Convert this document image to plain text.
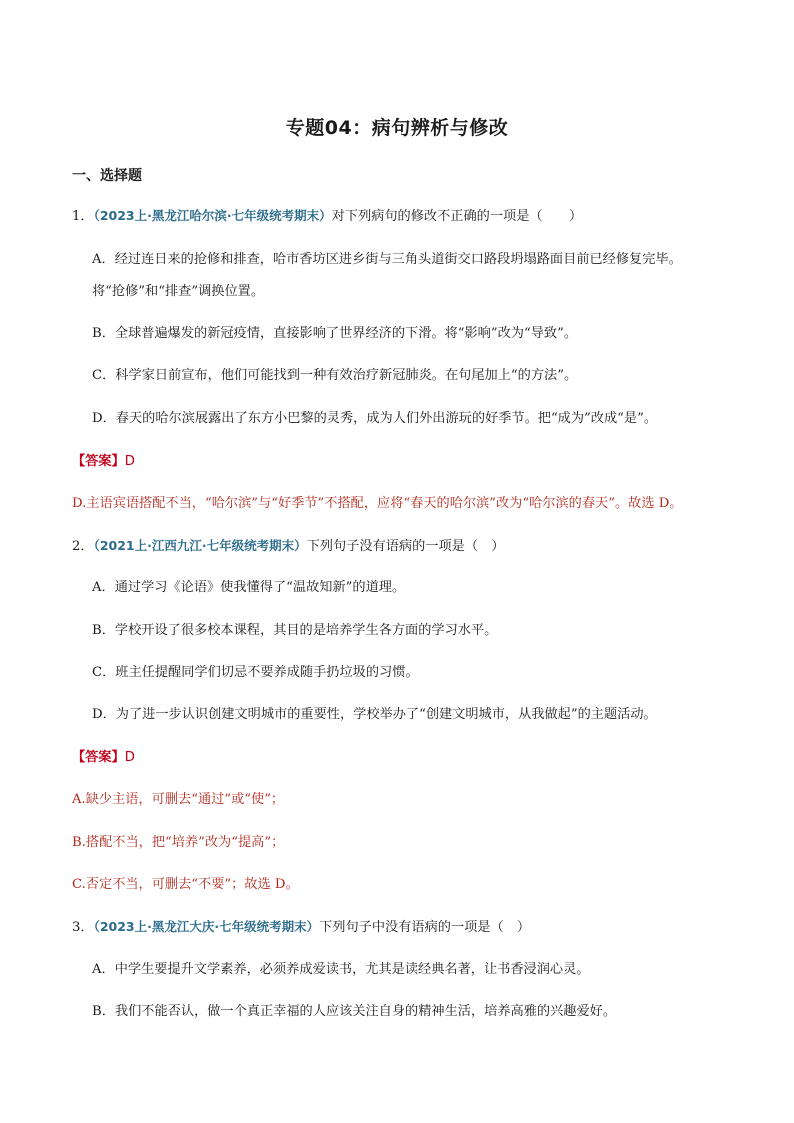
专题04：病句辨析与修改
一、选择题
1．（2023上·黑龙江哈尔滨·七年级统考期末）对下列病句的修改不正确的一项是（　　）
A．经过连日来的抢修和排查，哈市香坊区进乡街与三角头道街交口路段坍塌路面目前已经修复完毕。
将“抢修”和“排查”调换位置。
B．全球普遍爆发的新冠疫情，直接影响了世界经济的下滑。将“影响”改为“导致”。
C．科学家日前宣布，他们可能找到一种有效治疗新冠肺炎。在句尾加上“的方法”。
D．春天的哈尔滨展露出了东方小巴黎的灵秀，成为人们外出游玩的好季节。把“成为”改成“是”。
【答案】D
D.主语宾语搭配不当，“哈尔滨”与“好季节”不搭配，应将“春天的哈尔滨”改为“哈尔滨的春天”。故选 D。
2．（2021上·江西九江·七年级统考期末）下列句子没有语病的一项是（　）
A．通过学习《论语》使我懂得了“温故知新”的道理。
B．学校开设了很多校本课程，其目的是培养学生各方面的学习水平。
C．班主任提醒同学们切忌不要养成随手扔垃圾的习惯。
D．为了进一步认识创建文明城市的重要性，学校举办了“创建文明城市，从我做起”的主题活动。
【答案】D
A.缺少主语，可删去“通过”或“使”；
B.搭配不当，把“培养”改为“提高”；
C.否定不当，可删去“不要”；故选 D。
3．（2023上·黑龙江大庆·七年级统考期末）下列句子中没有语病的一项是（　）
A．中学生要提升文学素养，必须养成爱读书，尤其是读经典名著，让书香浸润心灵。
B．我们不能否认，做一个真正幸福的人应该关注自身的精神生活，培养高雅的兴趣爱好。
